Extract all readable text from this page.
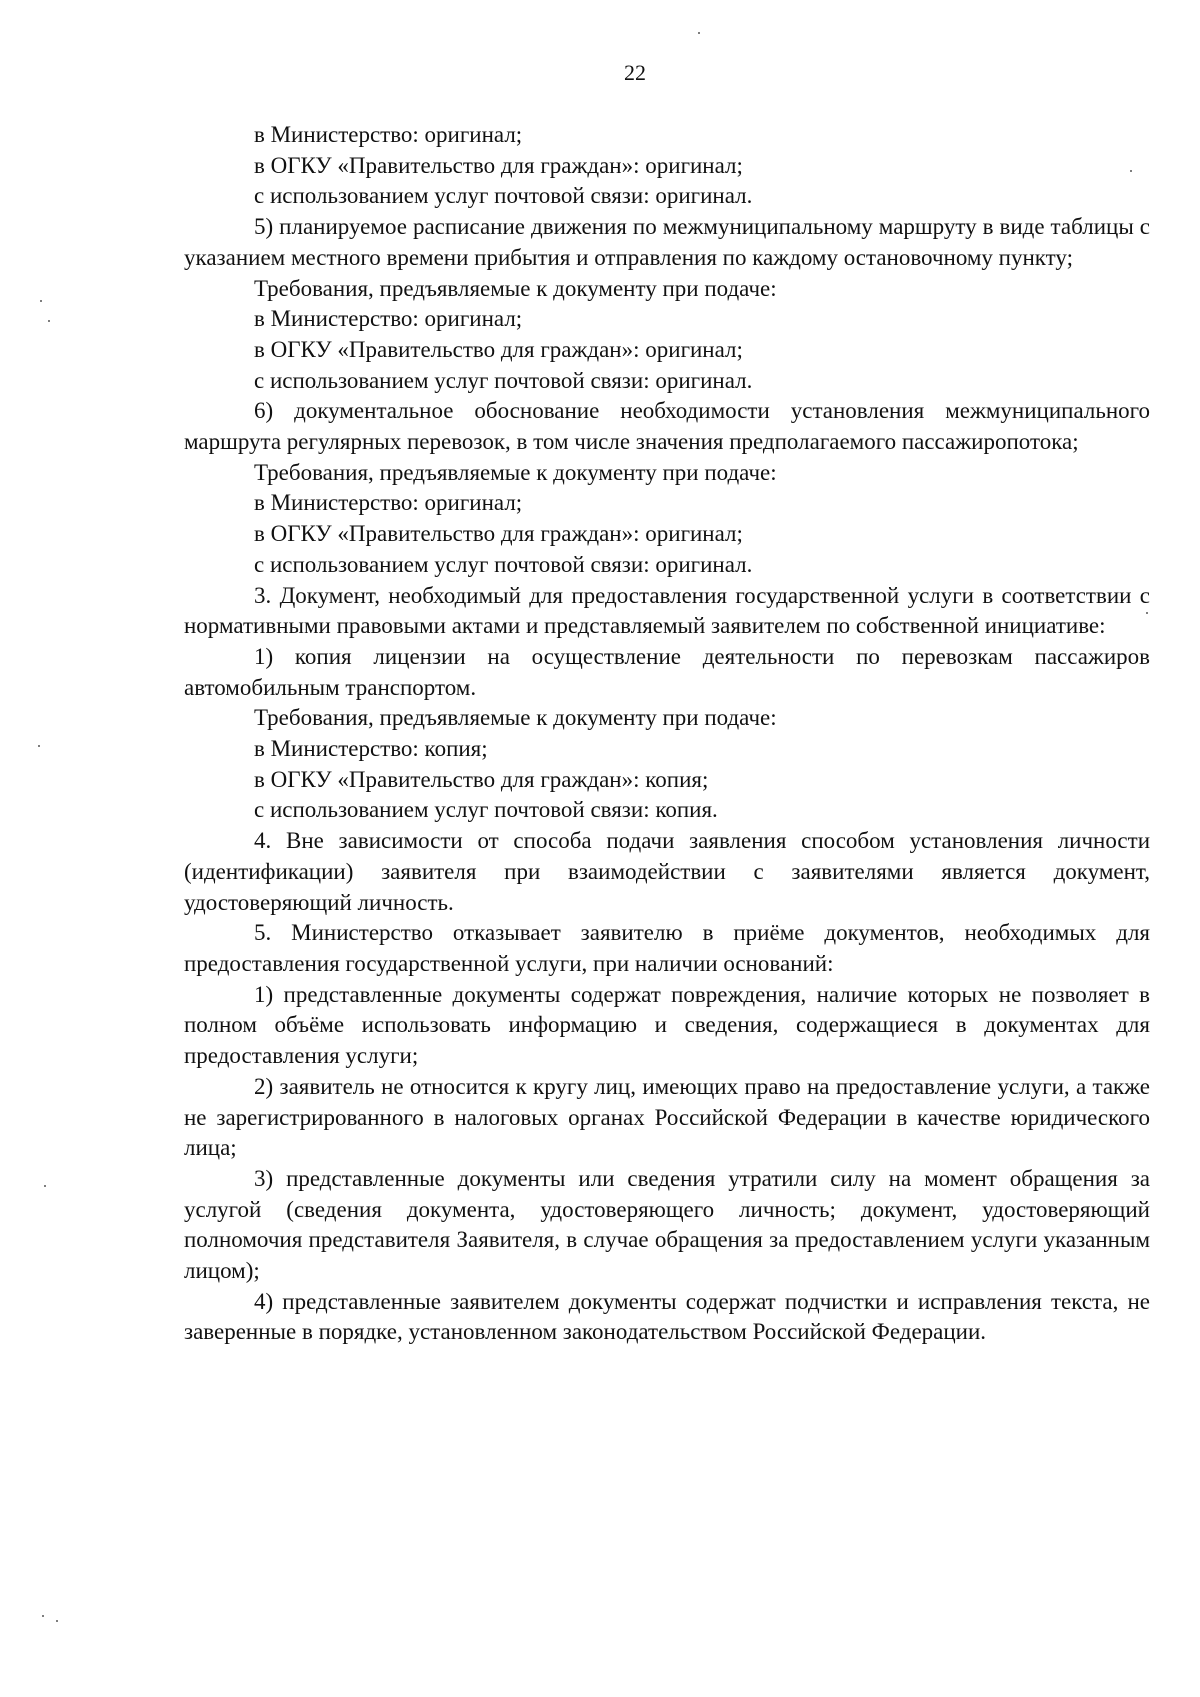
22

в Министерство: оригинал;

в ОГКУ «Правительство для граждан»: оригинал;

с использованием услуг почтовой связи: оригинал.

5) планируемое расписание движения по межмуниципальному маршруту в виде таблицы с указанием местного времени прибытия и отправления по каждому остановочному пункту;

Требования, предъявляемые к документу при подаче:

в Министерство: оригинал;

в ОГКУ «Правительство для граждан»: оригинал;

с использованием услуг почтовой связи: оригинал.

6) документальное обоснование необходимости установления межмуниципального маршрута регулярных перевозок, в том числе значения предполагаемого пассажиропотока;

Требования, предъявляемые к документу при подаче:

в Министерство: оригинал;

в ОГКУ «Правительство для граждан»: оригинал;

с использованием услуг почтовой связи: оригинал.

3. Документ, необходимый для предоставления государственной услуги в соответствии с нормативными правовыми актами и представляемый заявителем по собственной инициативе:

1) копия лицензии на осуществление деятельности по перевозкам пассажиров автомобильным транспортом.

Требования, предъявляемые к документу при подаче:

в Министерство: копия;

в ОГКУ «Правительство для граждан»: копия;

с использованием услуг почтовой связи: копия.

4. Вне зависимости от способа подачи заявления способом установления личности (идентификации) заявителя при взаимодействии с заявителями является документ, удостоверяющий личность.

5. Министерство отказывает заявителю в приёме документов, необходимых для предоставления государственной услуги, при наличии оснований:

1) представленные документы содержат повреждения, наличие которых не позволяет в полном объёме использовать информацию и сведения, содержащиеся в документах для предоставления услуги;

2) заявитель не относится к кругу лиц, имеющих право на предоставление услуги, а также не зарегистрированного в налоговых органах Российской Федерации в качестве юридического лица;

3) представленные документы или сведения утратили силу на момент обращения за услугой (сведения документа, удостоверяющего личность; документ, удостоверяющий полномочия представителя Заявителя, в случае обращения за предоставлением услуги указанным лицом);

4) представленные заявителем документы содержат подчистки и исправления текста, не заверенные в порядке, установленном законодательством Российской Федерации.
